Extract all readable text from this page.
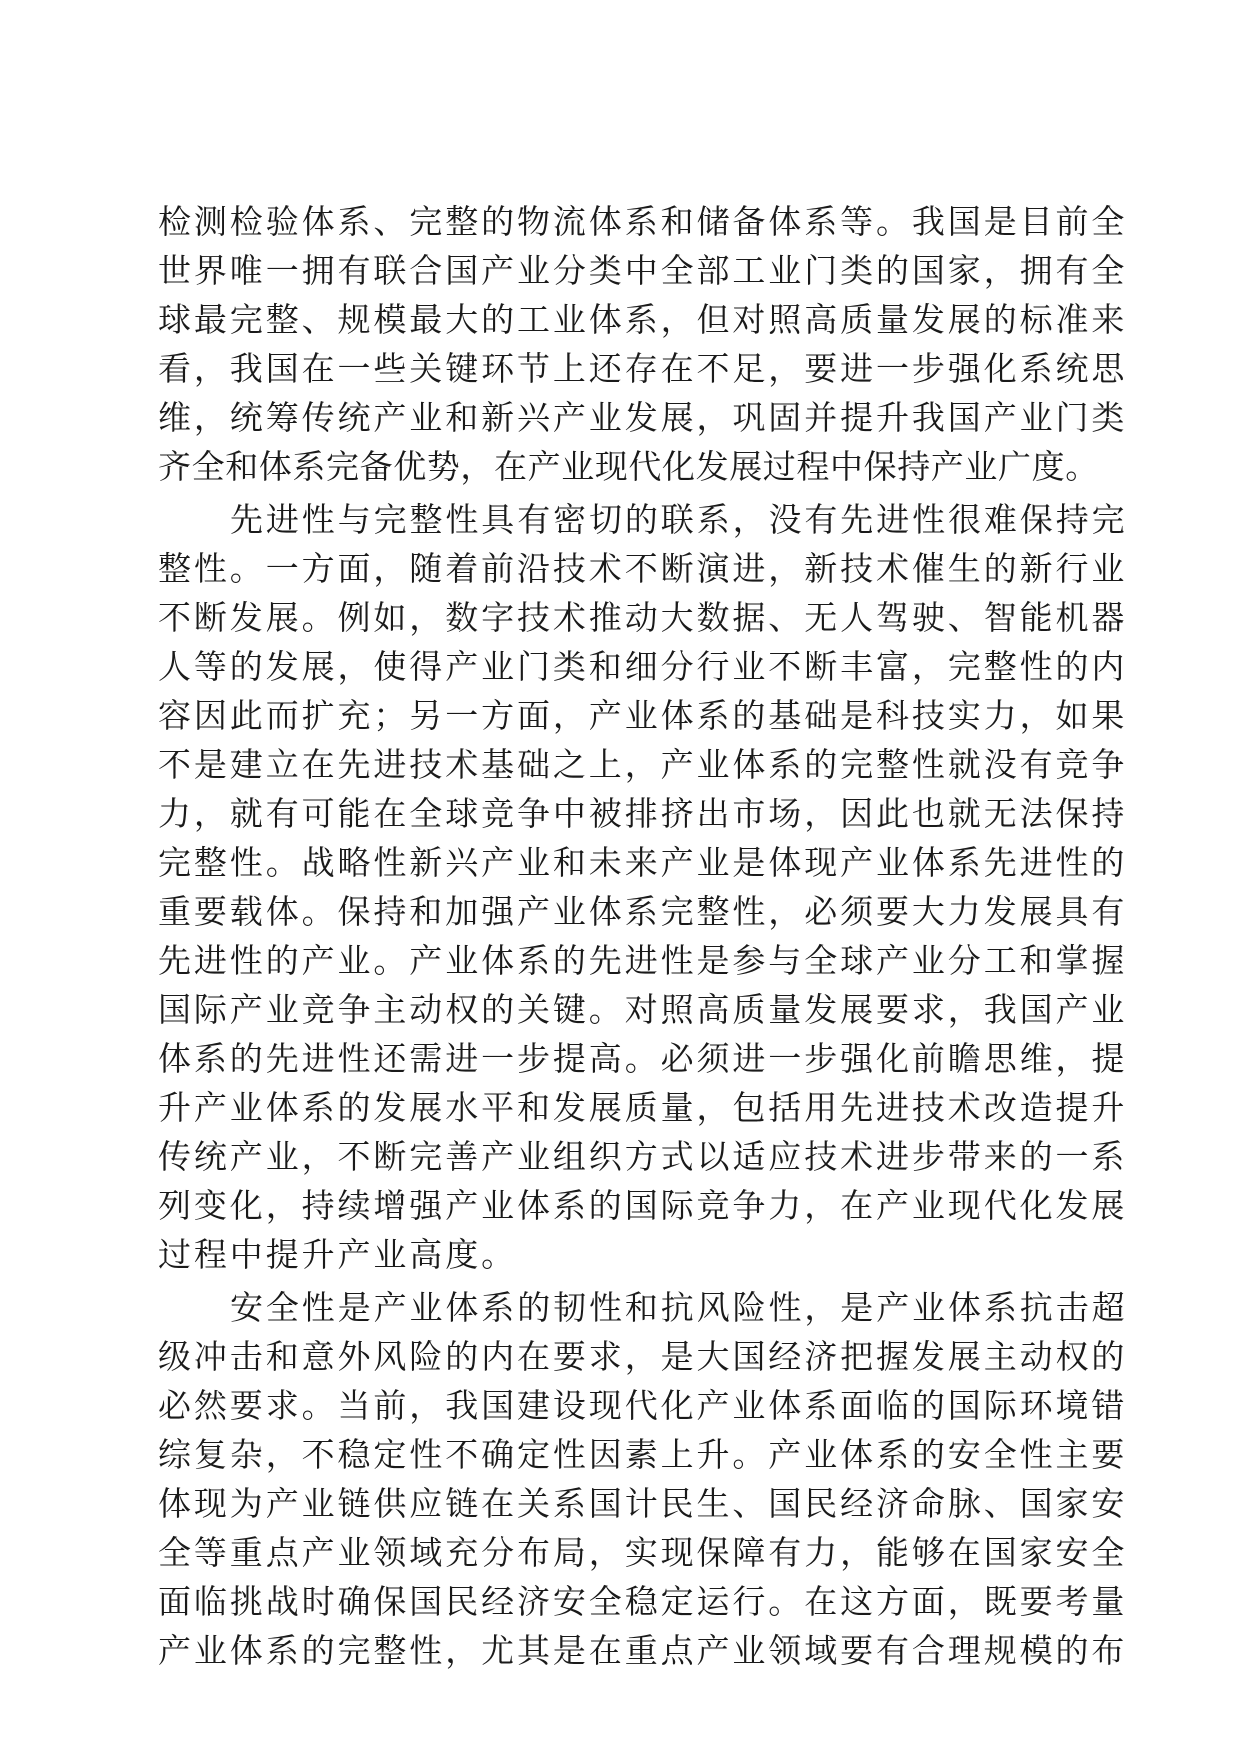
检测检验体系、完整的物流体系和储备体系等。我国是目前全
世界唯一拥有联合国产业分类中全部工业门类的国家，拥有全
球最完整、规模最大的工业体系，但对照高质量发展的标准来
看，我国在一些关键环节上还存在不足，要进一步强化系统思
维，统筹传统产业和新兴产业发展，巩固并提升我国产业门类
齐全和体系完备优势，在产业现代化发展过程中保持产业广度。
先进性与完整性具有密切的联系，没有先进性很难保持完
整性。一方面，随着前沿技术不断演进，新技术催生的新行业
不断发展。例如，数字技术推动大数据、无人驾驶、智能机器
人等的发展，使得产业门类和细分行业不断丰富，完整性的内
容因此而扩充；另一方面，产业体系的基础是科技实力，如果
不是建立在先进技术基础之上，产业体系的完整性就没有竞争
力，就有可能在全球竞争中被排挤出市场，因此也就无法保持
完整性。战略性新兴产业和未来产业是体现产业体系先进性的
重要载体。保持和加强产业体系完整性，必须要大力发展具有
先进性的产业。产业体系的先进性是参与全球产业分工和掌握
国际产业竞争主动权的关键。对照高质量发展要求，我国产业
体系的先进性还需进一步提高。必须进一步强化前瞻思维，提
升产业体系的发展水平和发展质量，包括用先进技术改造提升
传统产业，不断完善产业组织方式以适应技术进步带来的一系
列变化，持续增强产业体系的国际竞争力，在产业现代化发展
过程中提升产业高度。
安全性是产业体系的韧性和抗风险性，是产业体系抗击超
级冲击和意外风险的内在要求，是大国经济把握发展主动权的
必然要求。当前，我国建设现代化产业体系面临的国际环境错
综复杂，不稳定性不确定性因素上升。产业体系的安全性主要
体现为产业链供应链在关系国计民生、国民经济命脉、国家安
全等重点产业领域充分布局，实现保障有力，能够在国家安全
面临挑战时确保国民经济安全稳定运行。在这方面，既要考量
产业体系的完整性，尤其是在重点产业领域要有合理规模的布
